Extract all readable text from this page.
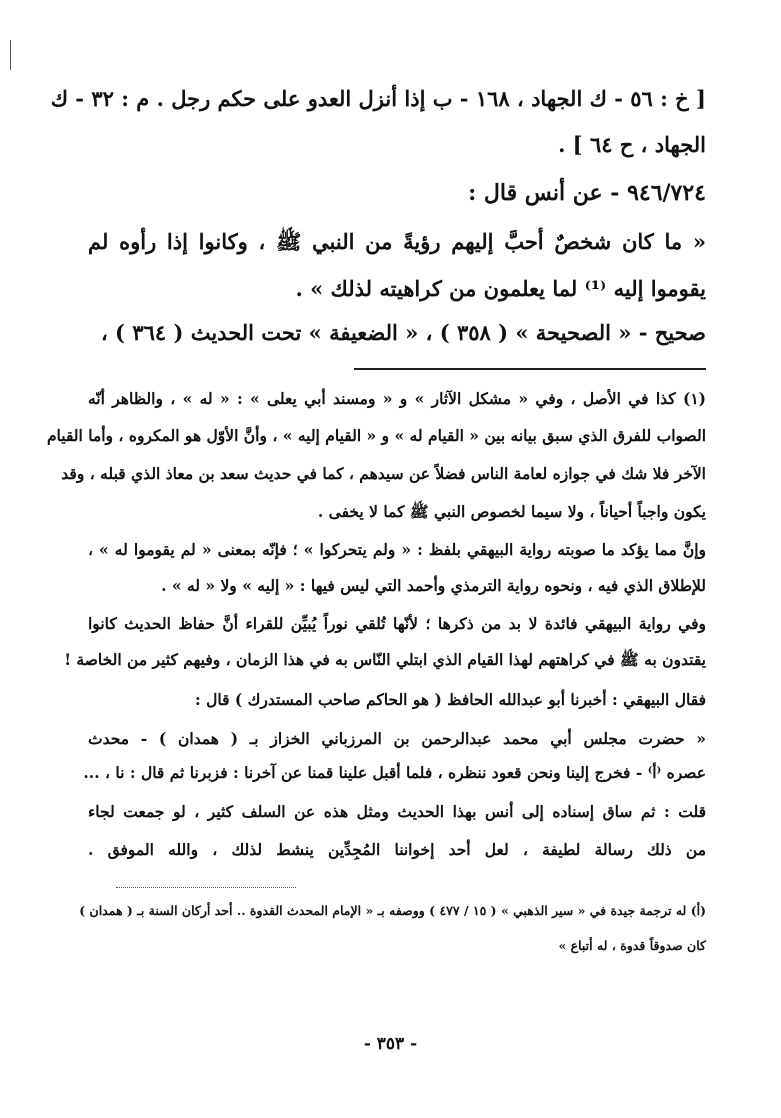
[ خ : ٥٦ - ك الجهاد ، ١٦٨ - ب إذا أنزل العدو على حكم رجل . م : ٣٢ - ك

الجهاد ، ح ٦٤ ] .

٩٤٦/٧٢٤ - عن أنس قال :

« ما كان شخصٌ أحبَّ إليهم رؤيةً من النبي ﷺ ، وكانوا إذا رأوه لم

يقوموا إليه ⁽¹⁾ لما يعلمون من كراهيته لذلك » .

صحيح - « الصحيحة » ( ٣٥٨ ) ، « الضعيفة » تحت الحديث ( ٣٦٤ ) ،

(١) كذا في الأصل ، وفي « مشكل الآثار » و « ومسند أبي يعلى » : « له » ، والظاهر أنّه

الصواب للفرق الذي سبق بيانه بين « القيام له » و « القيام إليه » ، وأنَّ الأوّل هو المكروه ، وأما القيام

الآخر فلا شك في جوازه لعامة الناس فضلاً عن سيدهم ، كما في حديث سعد بن معاذ الذي قبله ، وقد

يكون واجباً أحياناً ، ولا سيما لخصوص النبي ﷺ كما لا يخفى .

وإنَّ مما يؤكد ما صوبته رواية البيهقي بلفظ : « ولم يتحركوا » ؛ فإنّه بمعنى « لم يقوموا له » ،

للإطلاق الذي فيه ، ونحوه رواية الترمذي وأحمد التي ليس فيها : « إليه » ولا « له » .

وفي رواية البيهقي فائدة لا بد من ذكرها ؛ لأنّها تُلقي نوراً يُبيِّن للقراء أنَّ حفاظ الحديث كانوا

يقتدون به ﷺ في كراهتهم لهذا القيام الذي ابتلي النّاس به في هذا الزمان ، وفيهم كثير من الخاصة !

فقال البيهقي : أخبرنا أبو عبدالله الحافظ ( هو الحاكم صاحب المستدرك ) قال :

« حضرت مجلس أبي محمد عبدالرحمن بن المرزباني الخزاز بـ ( همدان ) - محدث

عصره ⁽أ⁾ - فخرج إلينا ونحن قعود ننظره ، فلما أقبل علينا قمنا عن آخرنا : فزبرنا ثم قال : نا ، ...

قلت : ثم ساق إسناده إلى أنس بهذا الحديث ومثل هذه عن السلف كثير ، لو جمعت لجاء

من ذلك رسالة لطيفة ، لعل أحد إخواننا المُجِدِّين ينشط لذلك ، والله الموفق .

(أ) له ترجمة جيدة في « سير الذهبي » ( ١٥ / ٤٧٧ ) ووصفه بـ « الإمام المحدث القدوة .. أحد أركان السنة بـ ( همدان )

كان صدوقاً قدوة ، له أتباع »

- ٣٥٣ -
